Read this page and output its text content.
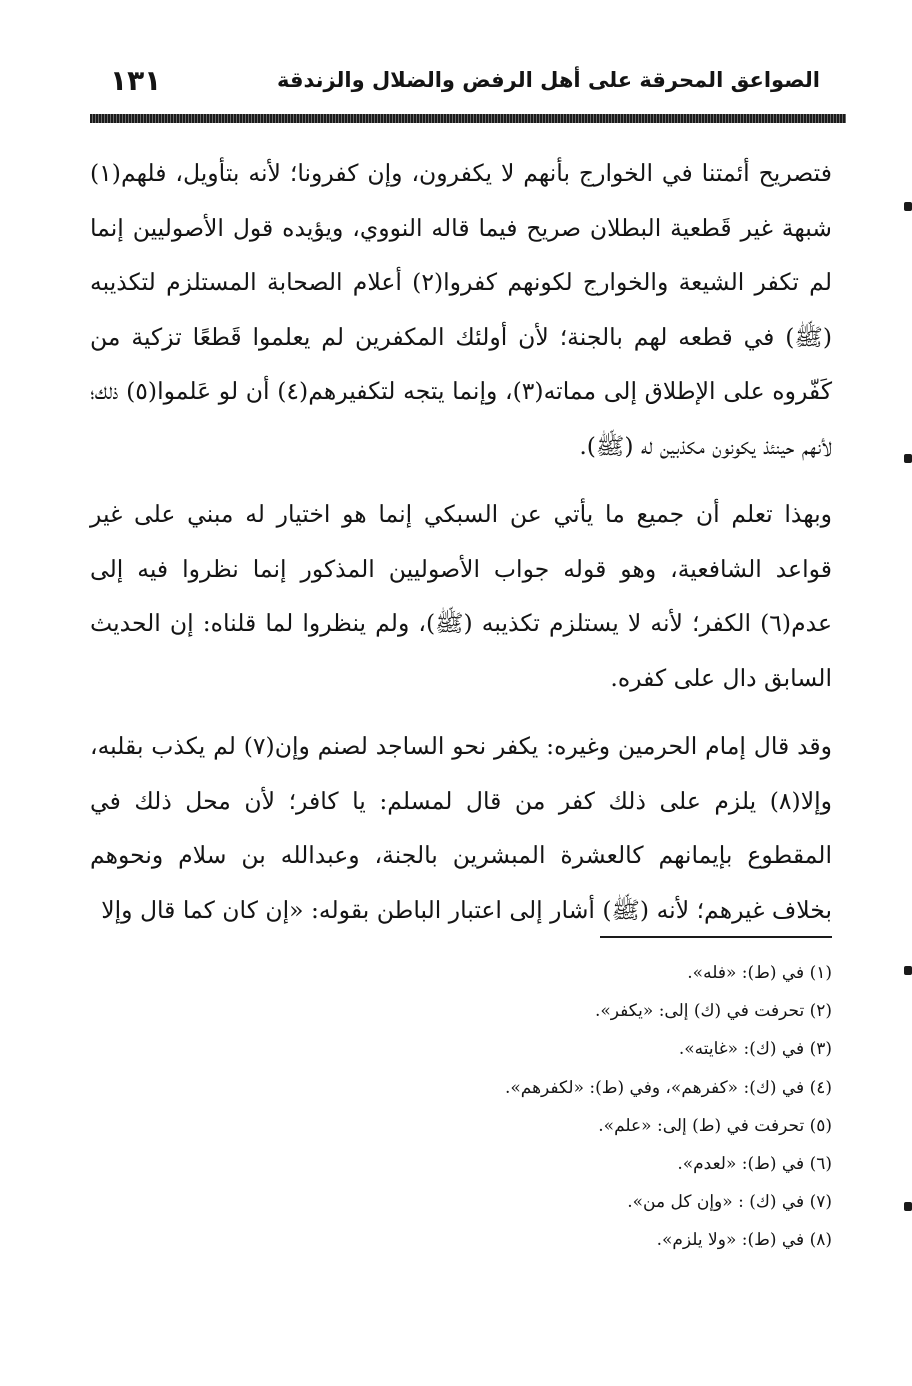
الصواعق المحرقة على أهل الرفض والضلال والزندقة
١٣١

فتصريح أئمتنا في الخوارج بأنهم لا يكفرون، وإن كفرونا؛ لأنه بتأويل، فلهم(١) شبهة غير قَطعية البطلان صريح فيما قاله النووي، ويؤيده قول الأصوليين إنما لم تكفر الشيعة والخوارج لكونهم كفروا(٢) أعلام الصحابة المستلزم لتكذيبه (ﷺ) في قطعه لهم بالجنة؛ لأن أولئك المكفرين لم يعلموا قَطعًا تزكية من كَفّروه على الإطلاق إلى مماته(٣)، وإنما يتجه لتكفيرهم(٤) أن لو عَلموا(٥) ذلك؛ لأنهم حينئذ يكونون مكذبين له (ﷺ).

وبهذا تعلم أن جميع ما يأتي عن السبكي إنما هو اختيار له مبني على غير قواعد الشافعية، وهو قوله جواب الأصوليين المذكور إنما نظروا فيه إلى عدم(٦) الكفر؛ لأنه لا يستلزم تكذيبه (ﷺ)، ولم ينظروا لما قلناه: إن الحديث السابق دال على كفره.

وقد قال إمام الحرمين وغيره: يكفر نحو الساجد لصنم وإن(٧) لم يكذب بقلبه، وإلا(٨) يلزم على ذلك كفر من قال لمسلم: يا كافر؛ لأن محل ذلك في المقطوع بإيمانهم كالعشرة المبشرين بالجنة، وعبدالله بن سلام ونحوهم بخلاف غيرهم؛ لأنه (ﷺ) أشار إلى اعتبار الباطن بقوله: «إن كان كما قال وإلا

(١) في (ط): «فله».
(٢) تحرفت في (ك) إلى: «يكفر».
(٣) في (ك): «غايته».
(٤) في (ك): «كفرهم»، وفي (ط): «لكفرهم».
(٥) تحرفت في (ط) إلى: «علم».
(٦) في (ط): «لعدم».
(٧) في (ك) : «وإن كل من».
(٨) في (ط): «ولا يلزم».
